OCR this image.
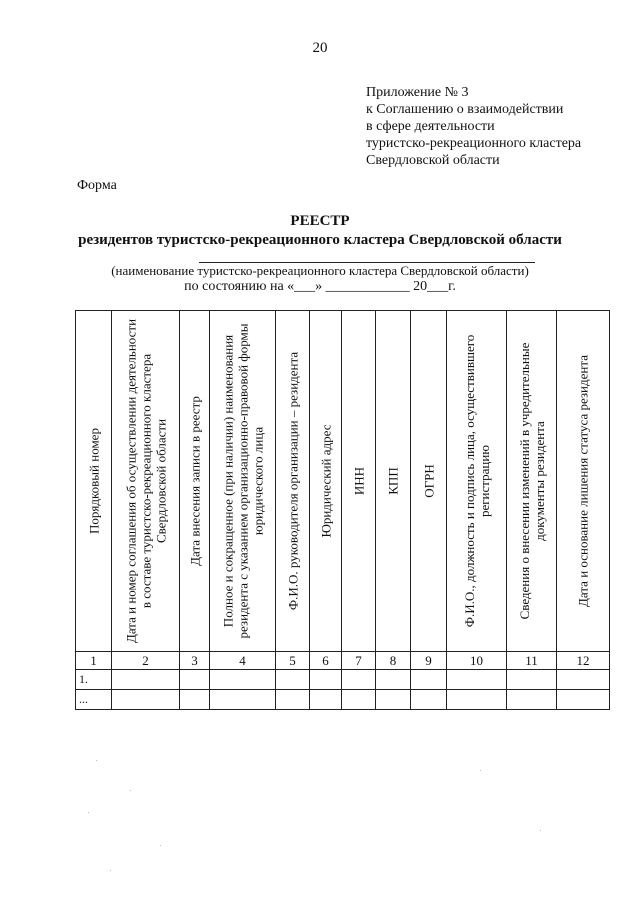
20
Приложение № 3
к Соглашению о взаимодействии
в сфере деятельности
туристско-рекреационного кластера
Свердловской области
Форма
РЕЕСТР
резидентов туристско-рекреационного кластера Свердловской области
(наименование туристско-рекреационного кластера Свердловской области)
по состоянию на «___» ____________ 20___г.
Порядковый номер	Дата и номер соглашения об осуществлении деятельности в составе туристско-рекреационного кластера Свердловской области	Дата внесения записи в реестр	Полное и сокращенное (при наличии) наименования резидента с указанием организационно-правовой формы юридического лица	Ф.И.О. руководителя организации – резидента	Юридический адрес	ИНН	КПП	ОГРН	Ф.И.О., должность и подпись лица, осуществившего регистрацию	Сведения о внесении изменений в учредительные документы резидента	Дата и основание лишения статуса резидента

1	2	3	4	5	6	7	8	9	10	11	12
1.											
...											
